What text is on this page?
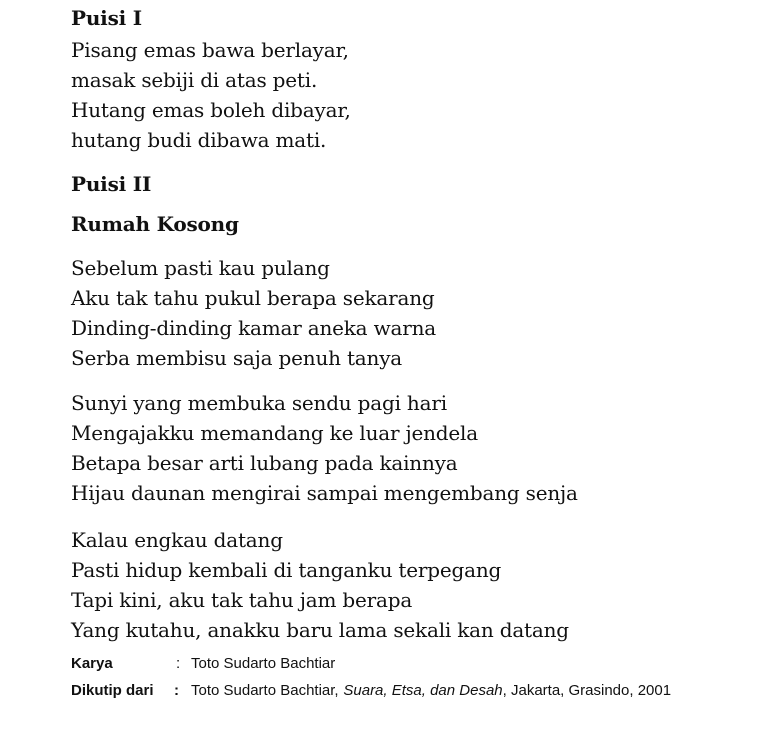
Puisi I
Pisang emas bawa berlayar,
masak sebiji di atas peti.
Hutang emas boleh dibayar,
hutang budi dibawa mati.
Puisi II
Rumah Kosong
Sebelum pasti kau pulang
Aku tak tahu pukul berapa sekarang
Dinding-dinding kamar aneka warna
Serba membisu saja penuh tanya
Sunyi yang membuka sendu pagi hari
Mengajakku memandang ke luar jendela
Betapa besar arti lubang pada kainnya
Hijau daunan mengirai sampai mengembang senja
Kalau engkau datang
Pasti hidup kembali di tanganku terpegang
Tapi kini, aku tak tahu jam berapa
Yang kutahu, anakku baru lama sekali kan datang
Karya	: Toto Sudarto Bachtiar
Dikutip dari : Toto Sudarto Bachtiar, Suara, Etsa, dan Desah, Jakarta, Grasindo, 2001
